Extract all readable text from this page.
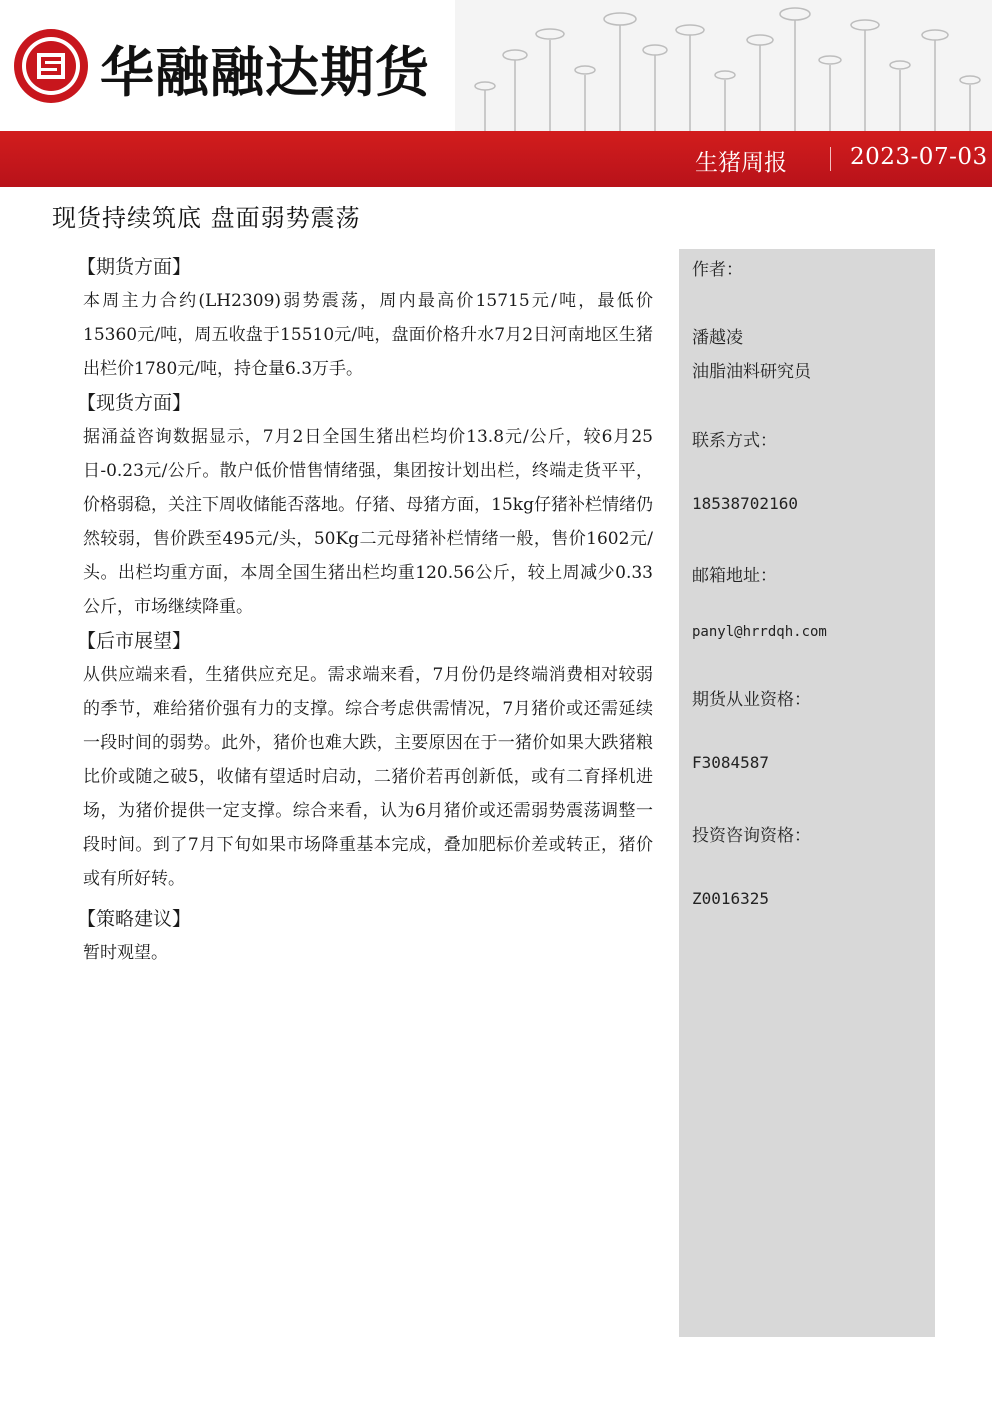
华融融达期货
生猪周报	2023-07-03
现货持续筑底 盘面弱势震荡
【期货方面】

本周主力合约(LH2309)弱势震荡，周内最高价15715元/吨，最低价15360元/吨，周五收盘于15510元/吨，盘面价格升水7月2日河南地区生猪出栏价1780元/吨，持仓量6.3万手。

【现货方面】

据涌益咨询数据显示，7月2日全国生猪出栏均价13.8元/公斤，较6月25日-0.23元/公斤。散户低价惜售情绪强，集团按计划出栏，终端走货平平，价格弱稳，关注下周收储能否落地。仔猪、母猪方面，15kg仔猪补栏情绪仍然较弱，售价跌至495元/头，50Kg二元母猪补栏情绪一般，售价1602元/头。出栏均重方面，本周全国生猪出栏均重120.56公斤，较上周减少0.33公斤，市场继续降重。

【后市展望】

从供应端来看，生猪供应充足。需求端来看，7月份仍是终端消费相对较弱的季节，难给猪价强有力的支撑。综合考虑供需情况，7月猪价或还需延续一段时间的弱势。此外，猪价也难大跌，主要原因在于一猪价如果大跌猪粮比价或随之破5，收储有望适时启动，二猪价若再创新低，或有二育择机进场，为猪价提供一定支撑。综合来看，认为6月猪价或还需弱势震荡调整一段时间。到了7月下旬如果市场降重基本完成，叠加肥标价差或转正，猪价或有所好转。

【策略建议】

暂时观望。

作者：
潘越凌
油脂油料研究员
联系方式：
18538702160
邮箱地址：
panyl@hrrdqh.com
期货从业资格：
F3084587
投资咨询资格：
Z0016325
